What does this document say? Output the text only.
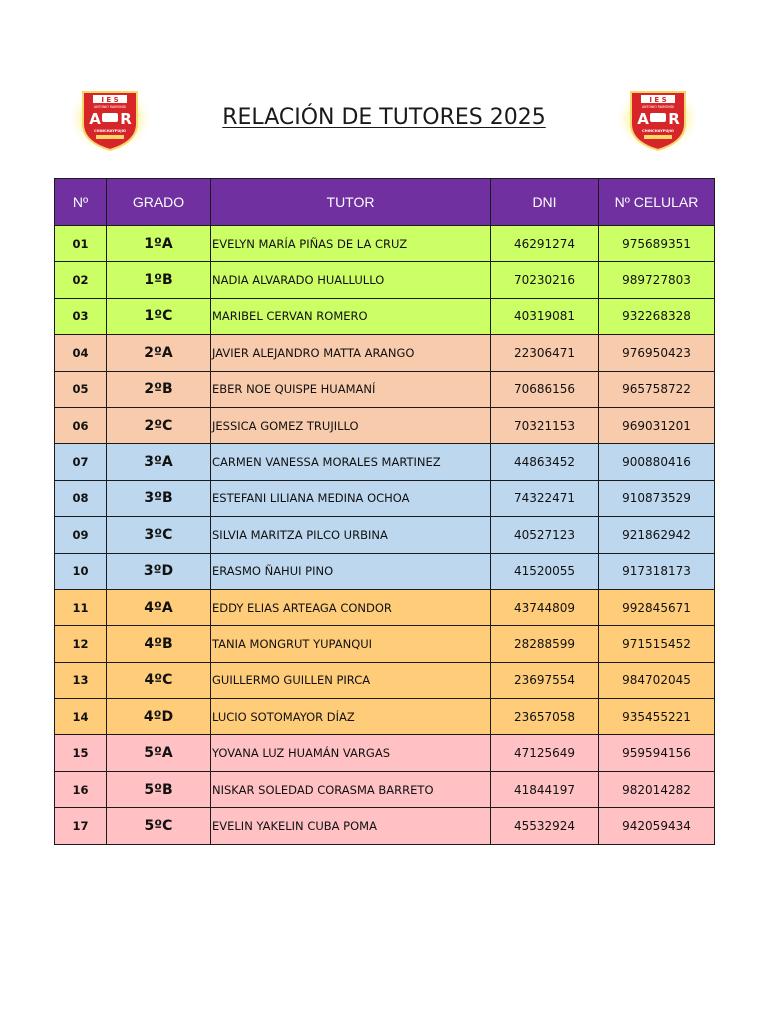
I E S
ANTONIO RAIMONDI
A R
CHINCHAYPUJIO
RELACIÓN DE TUTORES 2025
I E S
ANTONIO RAIMONDI
A R
CHINCHAYPUJIO
Nº	GRADO	TUTOR	DNI	Nº CELULAR
01	1ºA	EVELYN MARÍA PIÑAS DE LA CRUZ	46291274	975689351
02	1ºB	NADIA ALVARADO HUALLULLO	70230216	989727803
03	1ºC	MARIBEL CERVAN ROMERO	40319081	932268328
04	2ºA	JAVIER ALEJANDRO MATTA ARANGO	22306471	976950423
05	2ºB	EBER NOE QUISPE HUAMANÍ	70686156	965758722
06	2ºC	JESSICA GOMEZ TRUJILLO	70321153	969031201
07	3ºA	CARMEN VANESSA MORALES MARTINEZ	44863452	900880416
08	3ºB	ESTEFANI LILIANA MEDINA OCHOA	74322471	910873529
09	3ºC	SILVIA MARITZA PILCO URBINA	40527123	921862942
10	3ºD	ERASMO ÑAHUI PINO	41520055	917318173
11	4ºA	EDDY ELIAS ARTEAGA CONDOR	43744809	992845671
12	4ºB	TANIA MONGRUT YUPANQUI	28288599	971515452
13	4ºC	GUILLERMO GUILLEN PIRCA	23697554	984702045
14	4ºD	LUCIO SOTOMAYOR DÍAZ	23657058	935455221
15	5ºA	YOVANA LUZ HUAMÁN VARGAS	47125649	959594156
16	5ºB	NISKAR SOLEDAD CORASMA BARRETO	41844197	982014282
17	5ºC	EVELIN YAKELIN CUBA POMA	45532924	942059434
